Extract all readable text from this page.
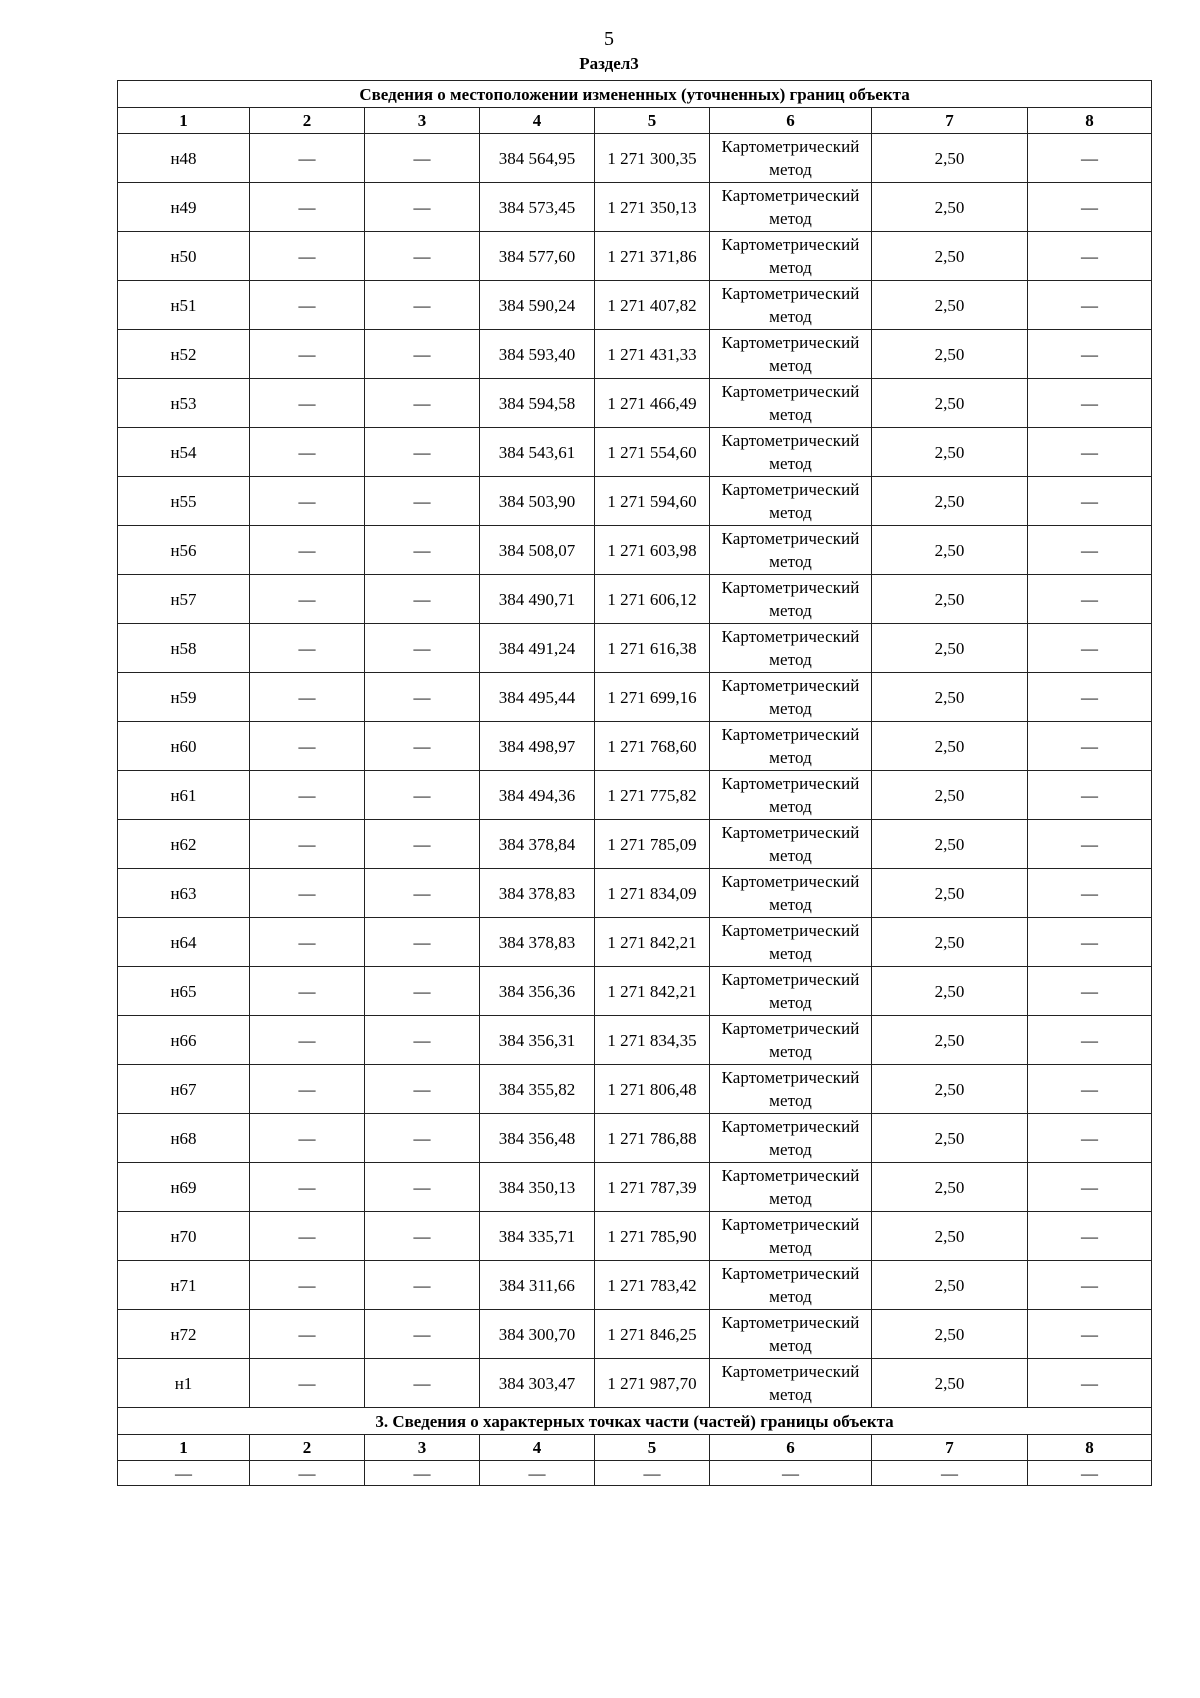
5
Раздел3
Сведения о местоположении измененных (уточненных) границ объекта							
1	2	3	4	5	6	7	8
н48	—	—	384 564,95	1 271 300,35	Картометрический метод	2,50	—
н49	—	—	384 573,45	1 271 350,13	Картометрический метод	2,50	—
н50	—	—	384 577,60	1 271 371,86	Картометрический метод	2,50	—
н51	—	—	384 590,24	1 271 407,82	Картометрический метод	2,50	—
н52	—	—	384 593,40	1 271 431,33	Картометрический метод	2,50	—
н53	—	—	384 594,58	1 271 466,49	Картометрический метод	2,50	—
н54	—	—	384 543,61	1 271 554,60	Картометрический метод	2,50	—
н55	—	—	384 503,90	1 271 594,60	Картометрический метод	2,50	—
н56	—	—	384 508,07	1 271 603,98	Картометрический метод	2,50	—
н57	—	—	384 490,71	1 271 606,12	Картометрический метод	2,50	—
н58	—	—	384 491,24	1 271 616,38	Картометрический метод	2,50	—
н59	—	—	384 495,44	1 271 699,16	Картометрический метод	2,50	—
н60	—	—	384 498,97	1 271 768,60	Картометрический метод	2,50	—
н61	—	—	384 494,36	1 271 775,82	Картометрический метод	2,50	—
н62	—	—	384 378,84	1 271 785,09	Картометрический метод	2,50	—
н63	—	—	384 378,83	1 271 834,09	Картометрический метод	2,50	—
н64	—	—	384 378,83	1 271 842,21	Картометрический метод	2,50	—
н65	—	—	384 356,36	1 271 842,21	Картометрический метод	2,50	—
н66	—	—	384 356,31	1 271 834,35	Картометрический метод	2,50	—
н67	—	—	384 355,82	1 271 806,48	Картометрический метод	2,50	—
н68	—	—	384 356,48	1 271 786,88	Картометрический метод	2,50	—
н69	—	—	384 350,13	1 271 787,39	Картометрический метод	2,50	—
н70	—	—	384 335,71	1 271 785,90	Картометрический метод	2,50	—
н71	—	—	384 311,66	1 271 783,42	Картометрический метод	2,50	—
н72	—	—	384 300,70	1 271 846,25	Картометрический метод	2,50	—
н1	—	—	384 303,47	1 271 987,70	Картометрический метод	2,50	—
3. Сведения о характерных точках части (частей) границы объекта							
1	2	3	4	5	6	7	8
—	—	—	—	—	—	—	—
